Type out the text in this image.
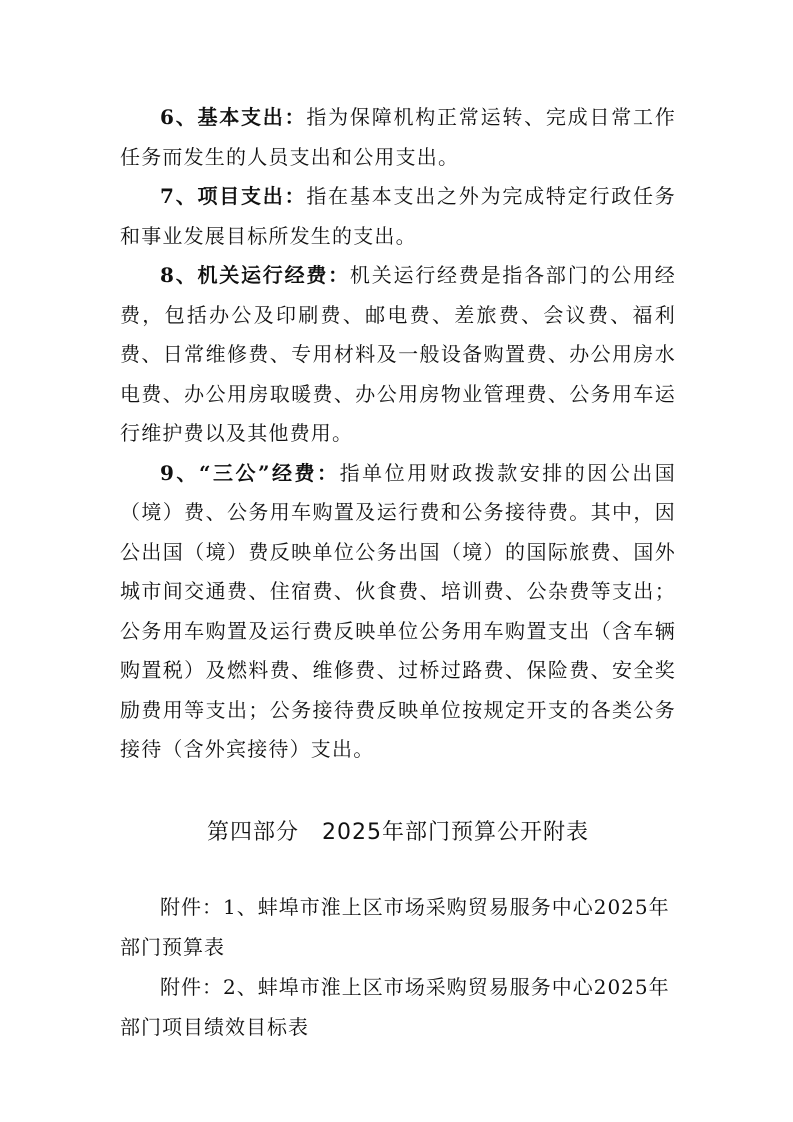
6、基本支出：指为保障机构正常运转、完成日常工作任务而发生的人员支出和公用支出。

7、项目支出：指在基本支出之外为完成特定行政任务和事业发展目标所发生的支出。

8、机关运行经费：机关运行经费是指各部门的公用经费，包括办公及印刷费、邮电费、差旅费、会议费、福利费、日常维修费、专用材料及一般设备购置费、办公用房水电费、办公用房取暖费、办公用房物业管理费、公务用车运行维护费以及其他费用。

9、“三公”经费：指单位用财政拨款安排的因公出国（境）费、公务用车购置及运行费和公务接待费。其中，因公出国（境）费反映单位公务出国（境）的国际旅费、国外城市间交通费、住宿费、伙食费、培训费、公杂费等支出；公务用车购置及运行费反映单位公务用车购置支出（含车辆购置税）及燃料费、维修费、过桥过路费、保险费、安全奖励费用等支出；公务接待费反映单位按规定开支的各类公务接待（含外宾接待）支出。

第四部分　2025年部门预算公开附表

附件：1、蚌埠市淮上区市场采购贸易服务中心2025年部门预算表

附件：2、蚌埠市淮上区市场采购贸易服务中心2025年部门项目绩效目标表
